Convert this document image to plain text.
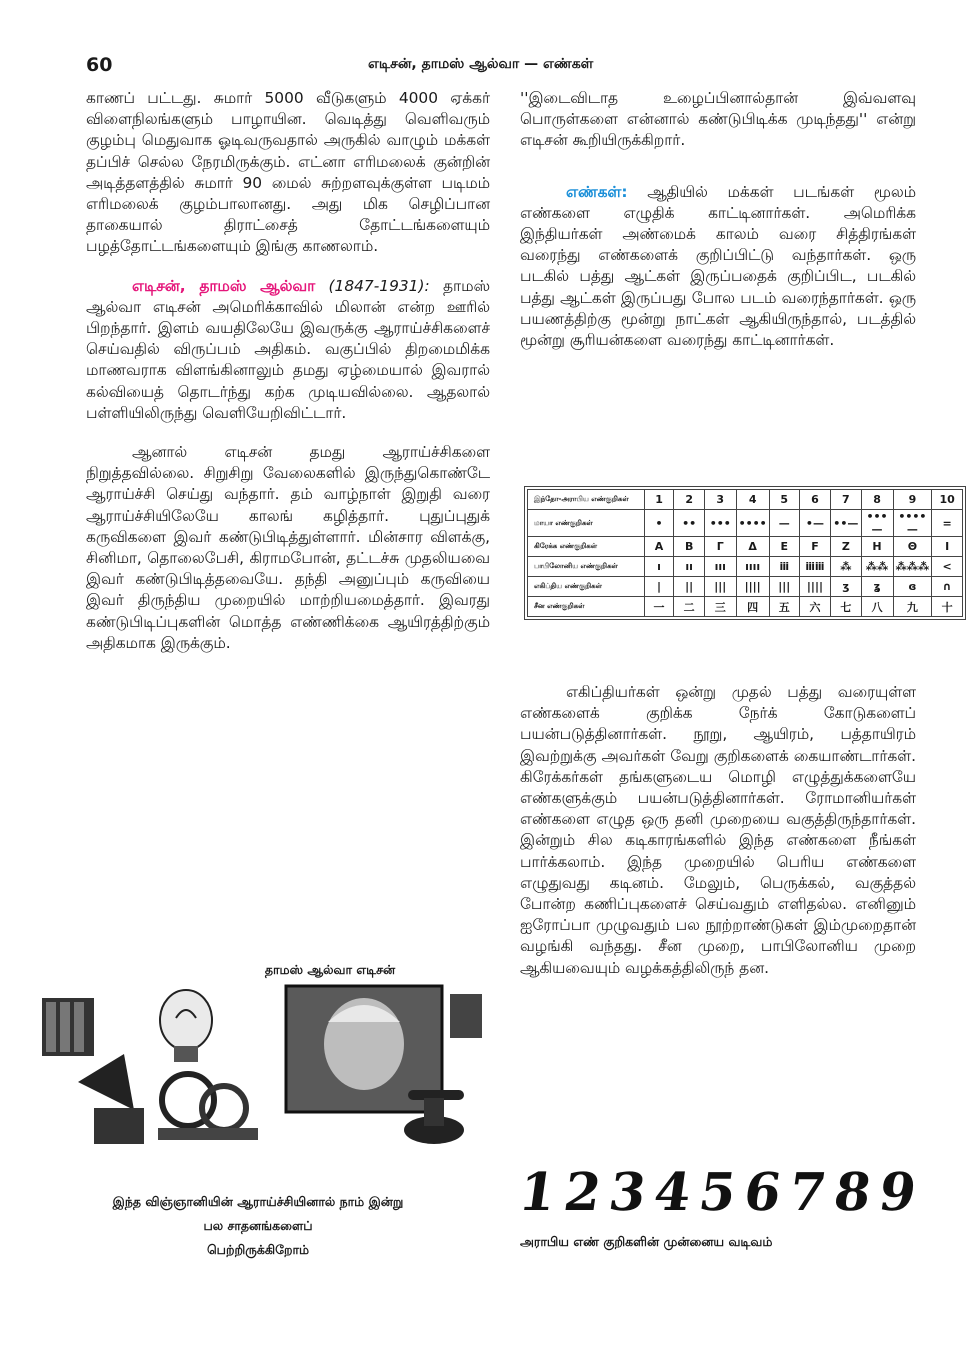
60	எடிசன், தாமஸ் ஆல்வா — எண்கள்

காணப் பட்டது. சுமார் 5000 வீடுகளும் 4000 ஏக்கர் விளைநிலங்களும் பாழாயின. வெடித்து வெளிவரும் குழம்பு மெதுவாக ஓடிவருவதால் அருகில் வாழும் மக்கள் தப்பிச் செல்ல நேரமிருக்கும். எட்னா எரிமலைக் குன்றின் அடித்தளத்தில் சுமார் 90 மைல் சுற்றளவுக்குள்ள படிமம் எரிமலைக் குழம்பாலானது. அது மிக செழிப்பான தாகையால் திராட்சைத் தோட்டங்களையும் பழத்தோட்டங்களையும் இங்கு காணலாம்.

எடிசன், தாமஸ் ஆல்வா (1847-1931): தாமஸ் ஆல்வா எடிசன் அமெரிக்காவில் மிலான் என்ற ஊரில் பிறந்தார். இளம் வயதிலேயே இவருக்கு ஆராய்ச்சிகளைச் செய்வதில் விருப்பம் அதிகம். வகுப்பில் திறமைமிக்க மாணவராக விளங்கினாலும் தமது ஏழ்மையால் இவரால் கல்வியைத் தொடர்ந்து கற்க முடியவில்லை. ஆதலால் பள்ளியிலிருந்து வெளியேறிவிட்டார்.

ஆனால் எடிசன் தமது ஆராய்ச்சிகளை நிறுத்தவில்லை. சிறுசிறு வேலைகளில் இருந்துகொண்டே ஆராய்ச்சி செய்து வந்தார். தம் வாழ்நாள் இறுதி வரை ஆராய்ச்சியிலேயே காலங் கழித்தார். புதுப்புதுக் கருவிகளை இவர் கண்டுபிடித்துள்ளார். மின்சார விளக்கு, சினிமா, தொலைபேசி, கிராமபோன், தட்டச்சு முதலியவை இவர் கண்டுபிடித்தவையே. தந்தி அனுப்பும் கருவியை இவர் திருந்திய முறையில் மாற்றியமைத்தார். இவரது கண்டுபிடிப்புகளின் மொத்த எண்ணிக்கை ஆயிரத்திற்கும் அதிகமாக இருக்கும்.

தாமஸ் ஆல்வா எடிசன்
இந்த விஞ்ஞானியின் ஆராய்ச்சியினால் நாம் இன்று
பல சாதனங்களைப்
பெற்றிருக்கிறோம்

''இடைவிடாத உழைப்பினால்தான் இவ்வளவு பொருள்களை என்னால் கண்டுபிடிக்க முடிந்தது'' என்று எடிசன் கூறியிருக்கிறார்.

எண்கள்: ஆதியில் மக்கள் படங்கள் மூலம் எண்களை எழுதிக் காட்டினார்கள். அமெரிக்க இந்தியர்கள் அண்மைக் காலம் வரை சித்திரங்கள் வரைந்து எண்களைக் குறிப்பிட்டு வந்தார்கள். ஒரு படகில் பத்து ஆட்கள் இருப்பதைக் குறிப்பிட, படகில் பத்து ஆட்கள் இருப்பது போல படம் வரைந்தார்கள். ஒரு பயணத்திற்கு மூன்று நாட்கள் ஆகியிருந்தால், படத்தில் மூன்று சூரியன்களை வரைந்து காட்டினார்கள்.

இந்தோ-அராபிய எண்குறிகள்	1	2	3	4	5	6	7	8	9	10
மாயா எண்குறிகள்	•	••	•••	••••	—	•—	••—	•••—	••••—	=
கிரேக்க எண்குறிகள்	A	B	Γ	Δ	E	F	Z	H	Θ	I
பாபிலோனிய எண்குறிகள்	ı	ıı	ııı	ıııı	ⅲ	ⅲⅲ	⁂	⁂⁂	⁂⁂⁂	<
எகிப்திய எண்குறிகள்	|	||	|||	||||	|||	||||	ʒ	ʓ	ɞ	∩
சீன எண்குறிகள்	一	二	三	四	五	六	七	八	九	十

எகிப்தியர்கள் ஒன்று முதல் பத்து வரையுள்ள எண்களைக் குறிக்க நேர்க் கோடுகளைப் பயன்படுத்தினார்கள். நூறு, ஆயிரம், பத்தாயிரம் இவற்றுக்கு அவர்கள் வேறு குறிகளைக் கையாண்டார்கள். கிரேக்கர்கள் தங்களுடைய மொழி எழுத்துக்களையே எண்களுக்கும் பயன்படுத்தினார்கள். ரோமானியர்கள் எண்களை எழுத ஒரு தனி முறையை வகுத்திருந்தார்கள். இன்றும் சில கடிகாரங்களில் இந்த எண்களை நீங்கள் பார்க்கலாம். இந்த முறையில் பெரிய எண்களை எழுதுவது கடினம். மேலும், பெருக்கல், வகுத்தல் போன்ற கணிப்புகளைச் செய்வதும் எளிதல்ல. எனினும் ஐரோப்பா முழுவதும் பல நூற்றாண்டுகள் இம்முறைதான் வழங்கி வந்தது. சீன முறை, பாபிலோனிய முறை ஆகியவையும் வழக்கத்திலிருந் தன.

1 2 3 4 5 6 7 8 9
அராபிய எண் குறிகளின் முன்னைய வடிவம்
